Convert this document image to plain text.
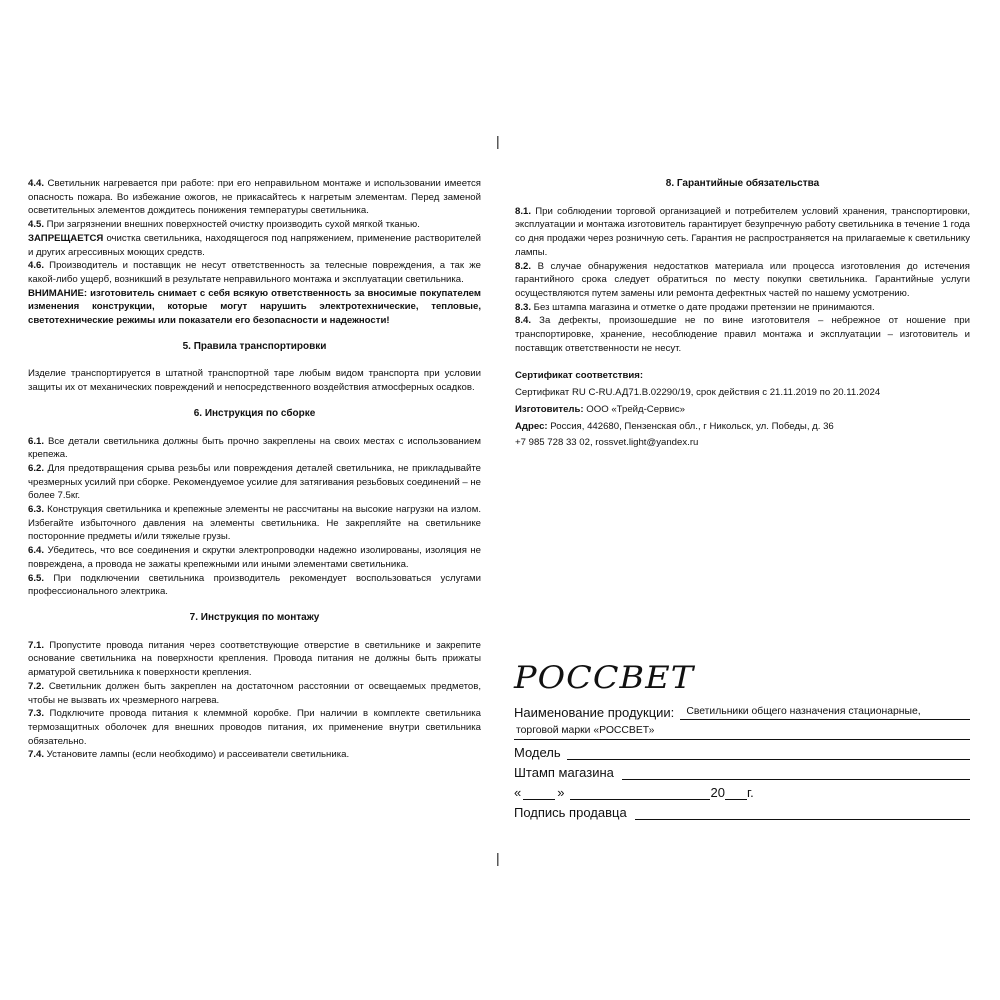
|
|

4.4. Светильник нагревается при работе: при его неправильном монтаже и использовании имеется опасность пожара. Во избежание ожогов, не прикасайтесь к нагретым элементам. Перед заменой осветительных элементов дождитесь понижения температуры светильника.

4.5. При загрязнении внешних поверхностей очистку производить сухой мягкой тканью.

ЗАПРЕЩАЕТСЯ очистка светильника, находящегося под напряжением, применение растворителей и других агрессивных моющих средств.

4.6. Производитель и поставщик не несут ответственность за телесные повреждения, а так же какой-либо ущерб, возникший в результате неправильного монтажа и эксплуатации светильника.

ВНИМАНИЕ: изготовитель снимает с себя всякую ответственность за вносимые покупателем изменения конструкции, которые могут нарушить электротехнические, тепловые, светотехнические режимы или показатели его безопасности и надежности!

5. Правила транспортировки

Изделие транспортируется в штатной транспортной таре любым видом транспорта при условии защиты их от механических повреждений и непосредственного воздействия атмосферных осадков.

6. Инструкция по сборке

6.1. Все детали светильника должны быть прочно закреплены на своих местах с использованием крепежа.

6.2. Для предотвращения срыва резьбы или повреждения деталей светильника, не прикладывайте чрезмерных усилий при сборке. Рекомендуемое усилие для затягивания резьбовых соединений – не более 7.5кг.

6.3. Конструкция светильника и крепежные элементы не рассчитаны на высокие нагрузки на излом. Избегайте избыточного давления на элементы светильника. Не закрепляйте на светильнике посторонние предметы и/или тяжелые грузы.

6.4. Убедитесь, что все соединения и скрутки электропроводки надежно изолированы, изоляция не повреждена, а провода не зажаты крепежными или иными элементами светильника.

6.5. При подключении светильника производитель рекомендует воспользоваться услугами профессионального электрика.

7. Инструкция по монтажу

7.1. Пропустите провода питания через соответствующие отверстие в светильнике и закрепите основание светильника на поверхности крепления. Провода питания не должны быть прижаты арматурой светильника к поверхности крепления.

7.2. Светильник должен быть закреплен на достаточном расстоянии от освещаемых предметов, чтобы не вызвать их чрезмерного нагрева.

7.3. Подключите провода питания к клеммной коробке. При наличии в комплекте светильника термозащитных оболочек для внешних проводов питания, их применение внутри светильника обязательно.

7.4. Установите лампы (если необходимо) и рассеиватели светильника.

8. Гарантийные обязательства

8.1. При соблюдении торговой организацией и потребителем условий хранения, транспортировки, эксплуатации и монтажа изготовитель гарантирует безупречную работу светильника в течение 1 года со дня продажи через розничную сеть. Гарантия не распространяется на прилагаемые к светильнику лампы.

8.2. В случае обнаружения недостатков материала или процесса изготовления до истечения гарантийного срока следует обратиться по месту покупки светильника. Гарантийные услуги осуществляются путем замены или ремонта дефектных частей по нашему усмотрению.

8.3. Без штампа магазина и отметке о дате продажи претензии не принимаются.

8.4. За дефекты, произошедшие не по вине изготовителя – небрежное от ношение при транспортировке, хранение, несоблюдение правил монтажа и эксплуатации – изготовитель и поставщик ответственности не несут.

Сертификат соответствия:

Сертификат RU С-RU.АД71.В.02290/19, срок действия с 21.11.2019 по 20.11.2024

Изготовитель: ООО «Трейд-Сервис»

Адрес: Россия, 442680, Пензенская обл., г Никольск, ул. Победы, д. 36

+7 985 728 33 02, rossvet.light@yandex.ru

РОССВЕТ
Наименование продукции:	Светильники общего назначения стационарные,
торговой марки «РОССВЕТ»
Модель
Штамп магазина
«	»	20 г.
Подпись продавца
